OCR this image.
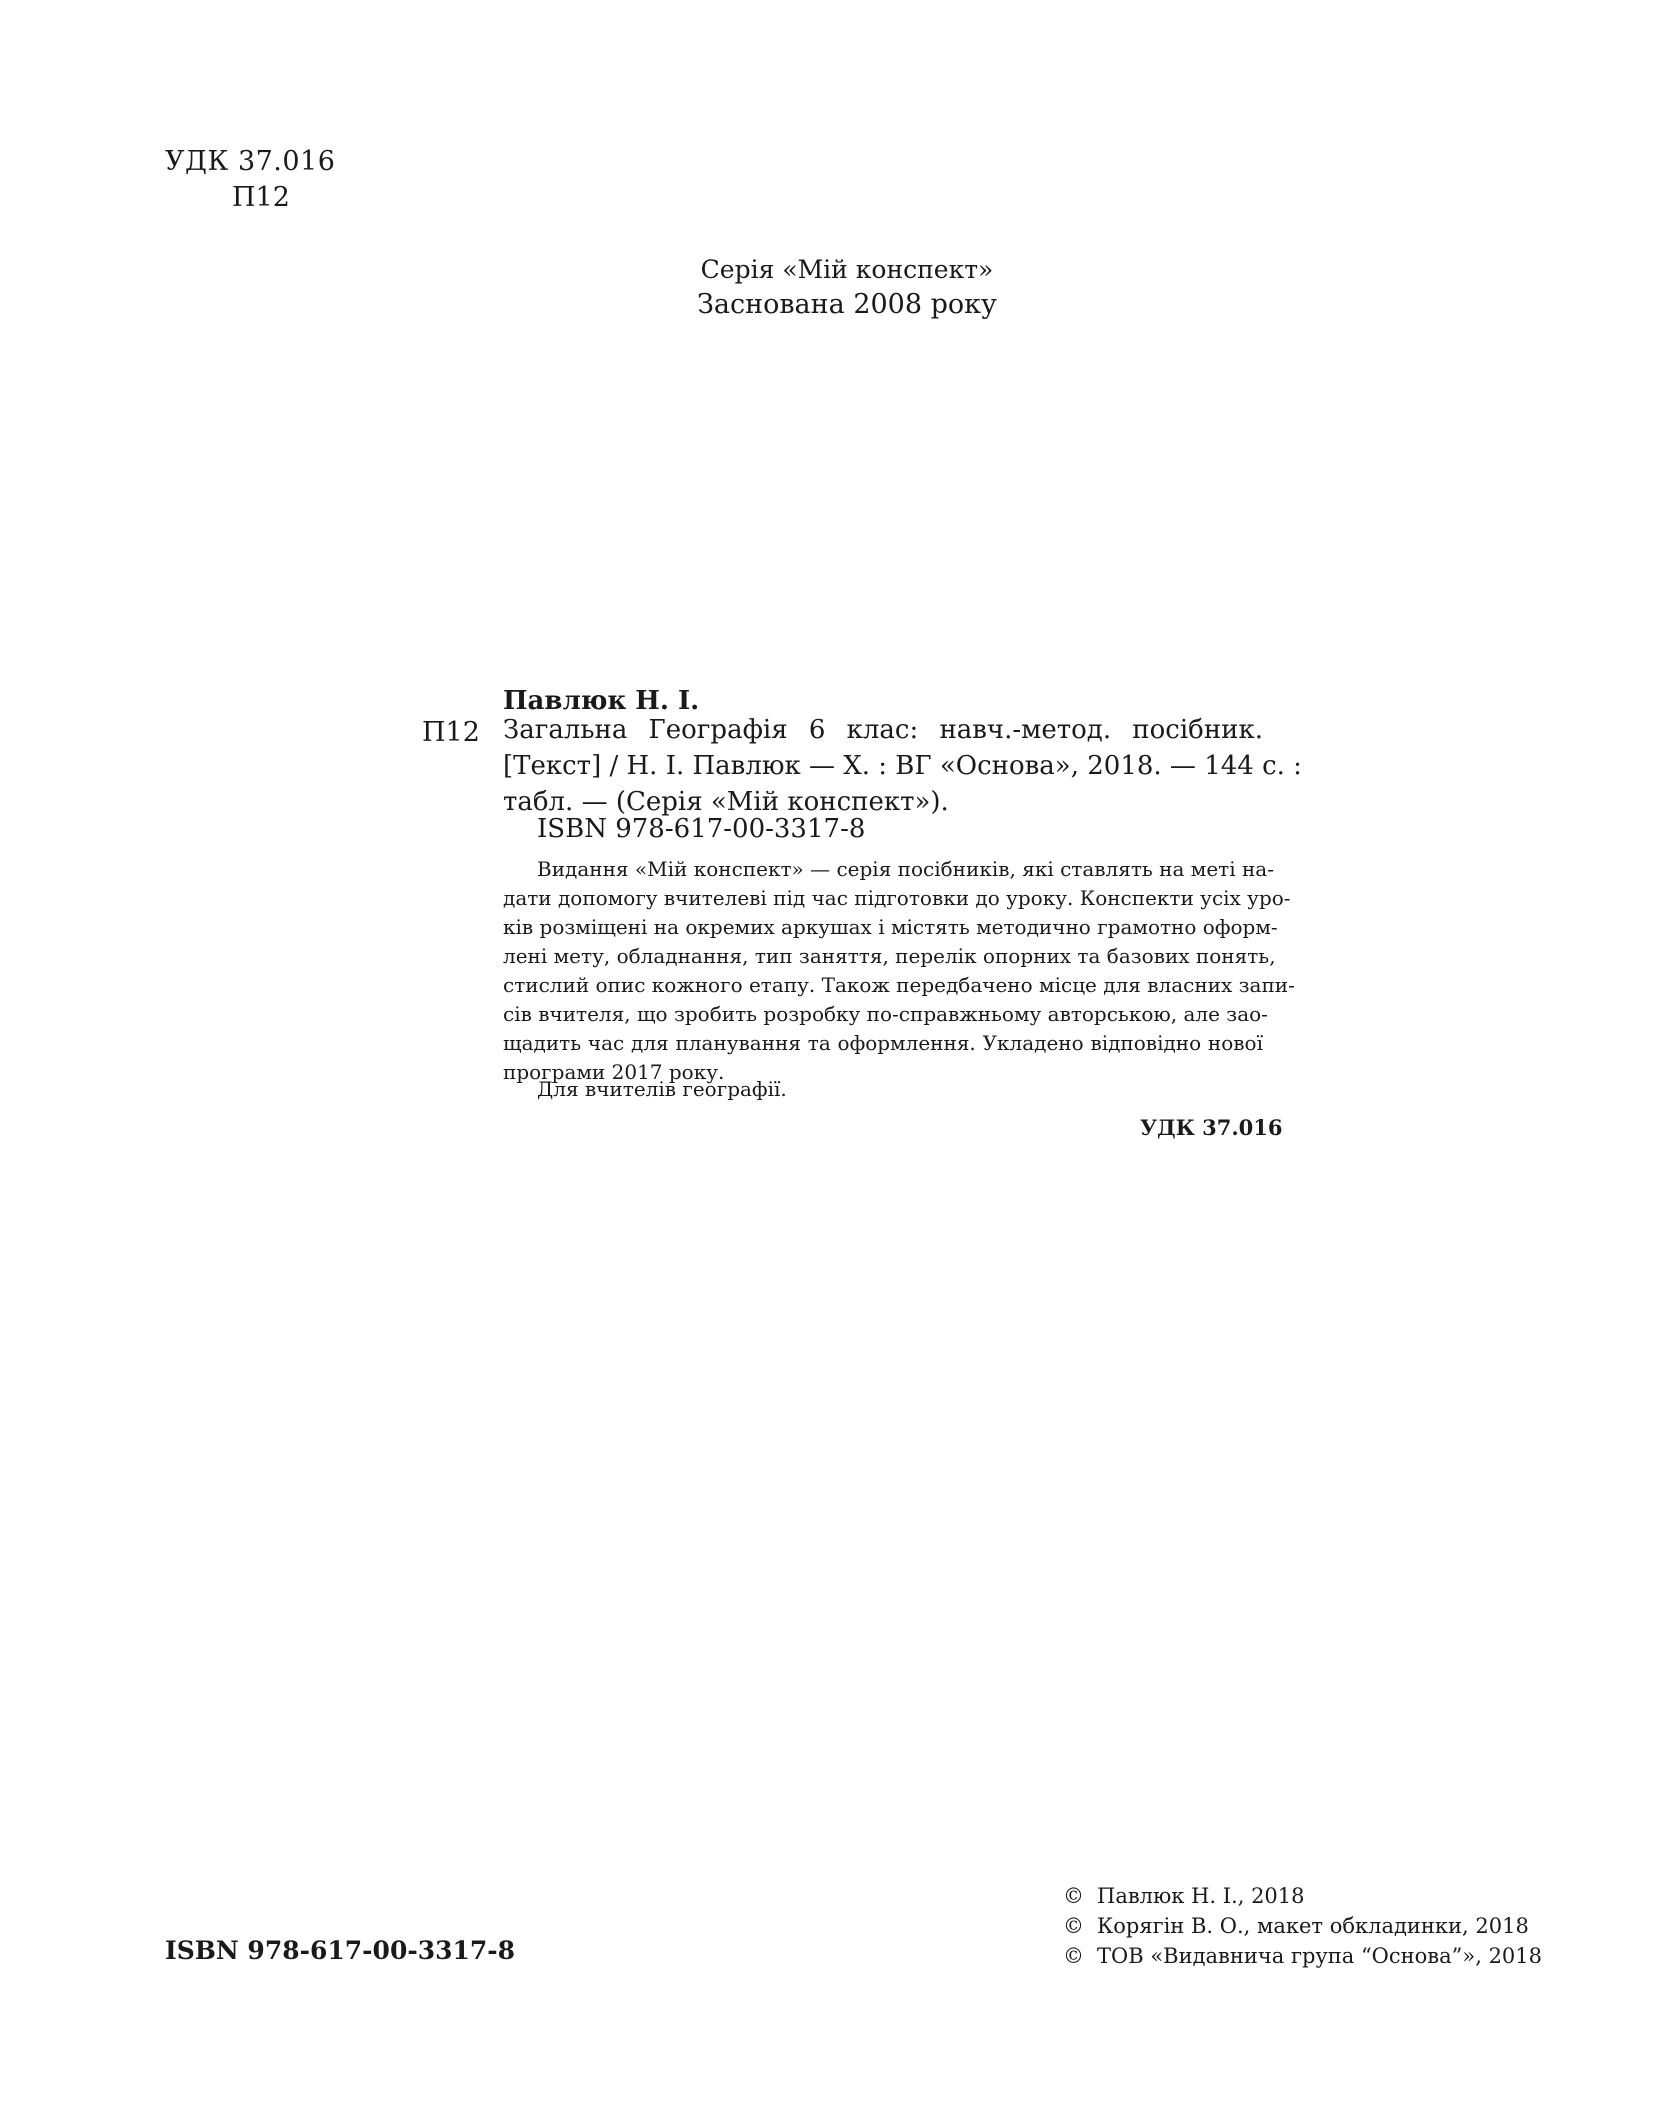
УДК 37.016
П12
Серія «Мій конспект»
Заснована 2008 року
Павлюк Н. І.
П12 Загальна Географія 6 клас: навч.-метод. посібник.
[Текст] / Н. І. Павлюк — Х. : ВГ «Основа», 2018. — 144 с. :
табл. — (Серія «Мій конспект»).
ISBN 978-617-00-3317-8
Видання «Мій конспект» — серія посібників, які ставлять на меті на-
дати допомогу вчителеві під час підготовки до уроку. Конспекти усіх уро-
ків розміщені на окремих аркушах і містять методично грамотно оформ-
лені мету, обладнання, тип заняття, перелік опорних та базових понять,
стислий опис кожного етапу. Також передбачено місце для власних запи-
сів вчителя, що зробить розробку по-справжньому авторською, але заo-
щадить час для планування та оформлення. Укладено відповідно нової
програми 2017 року.
Для вчителів географії.
УДК 37.016
ISBN 978-617-00-3317-8
© Павлюк Н. І., 2018
© Корягін В. О., макет обкладинки, 2018
© ТОВ «Видавнича група “Основа”», 2018
